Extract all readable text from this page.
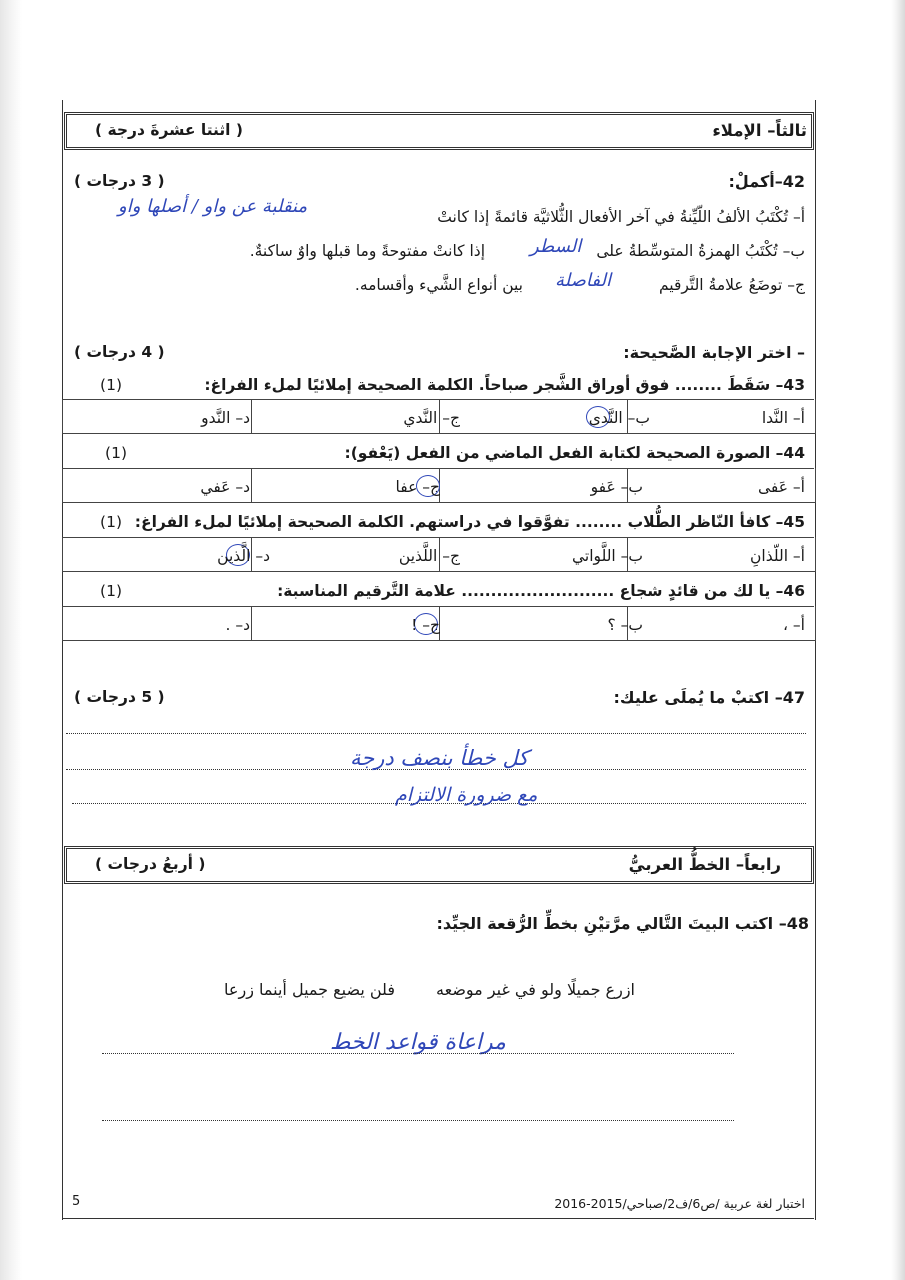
ثالثاً– الإملاء
( اثنتا عشرةَ درجة )
42–أكملْ:
( 3 درجات )
أ– تُكْتَبُ الألفُ اللّيِّنةُ في آخر الأفعال الثُّلاثيَّة قائمةً إذا كانتْ
منقلبة عن واو / أصلها واو
ب– تُكْتَبُ الهمزةُ المتوسِّطةُ على
السطر
إذا كانتْ مفتوحةً وما قبلها واوٌ ساكنةٌ.
ج– توضَعُ علامةُ التَّرقيم
الفاصلة
بين أنواع الشَّيء وأقسامه.
– اختر الإجابة الصَّحيحة:
( 4 درجات )
43– سَقَطَ ........ فوق أوراق الشَّجر صباحاً. الكلمة الصحيحة إملائيًا لملء الفراغ:
(1)
أ– النَّدا
ب– النَّدى
ج– النَّدي
د– النَّدو
44– الصورة الصحيحة لكتابة الفعل الماضي من الفعل (يَعْفو):
(1)
أ– عَفى
ب– عَفو
ج– عفا
د– عَفي
45– كافأ النّاظر الطُّلاب ........ تفوَّقوا في دراستهم. الكلمة الصحيحة إملائيًا لملء الفراغ:
(1)
أ– اللّذانِ
ب– اللَّواتي
ج– اللَّذين
د– الَّذين
46– يا لك من قائدٍ شجاع .......................... علامة التَّرقيم المناسبة:
(1)
أ– ،
ب– ؟
ج– !
د– .
47– اكتبْ ما يُملَى عليك:
( 5 درجات )
كل خطأ بنصف درجة
مع ضرورة الالتزام
رابعاً– الخطُّ العربيُّ
( أربعُ درجات )
48– اكتب البيتَ التَّالي مرَّتيْنِ بخطِّ الرُّقعة الجيِّد:
ازرع جميلًا ولو في غير موضعه
فلن يضيع جميل أينما زرعا
مراعاة قواعد الخط
اختبار لغة عربية /ص6/ف2/صباحي/2015-2016
5
